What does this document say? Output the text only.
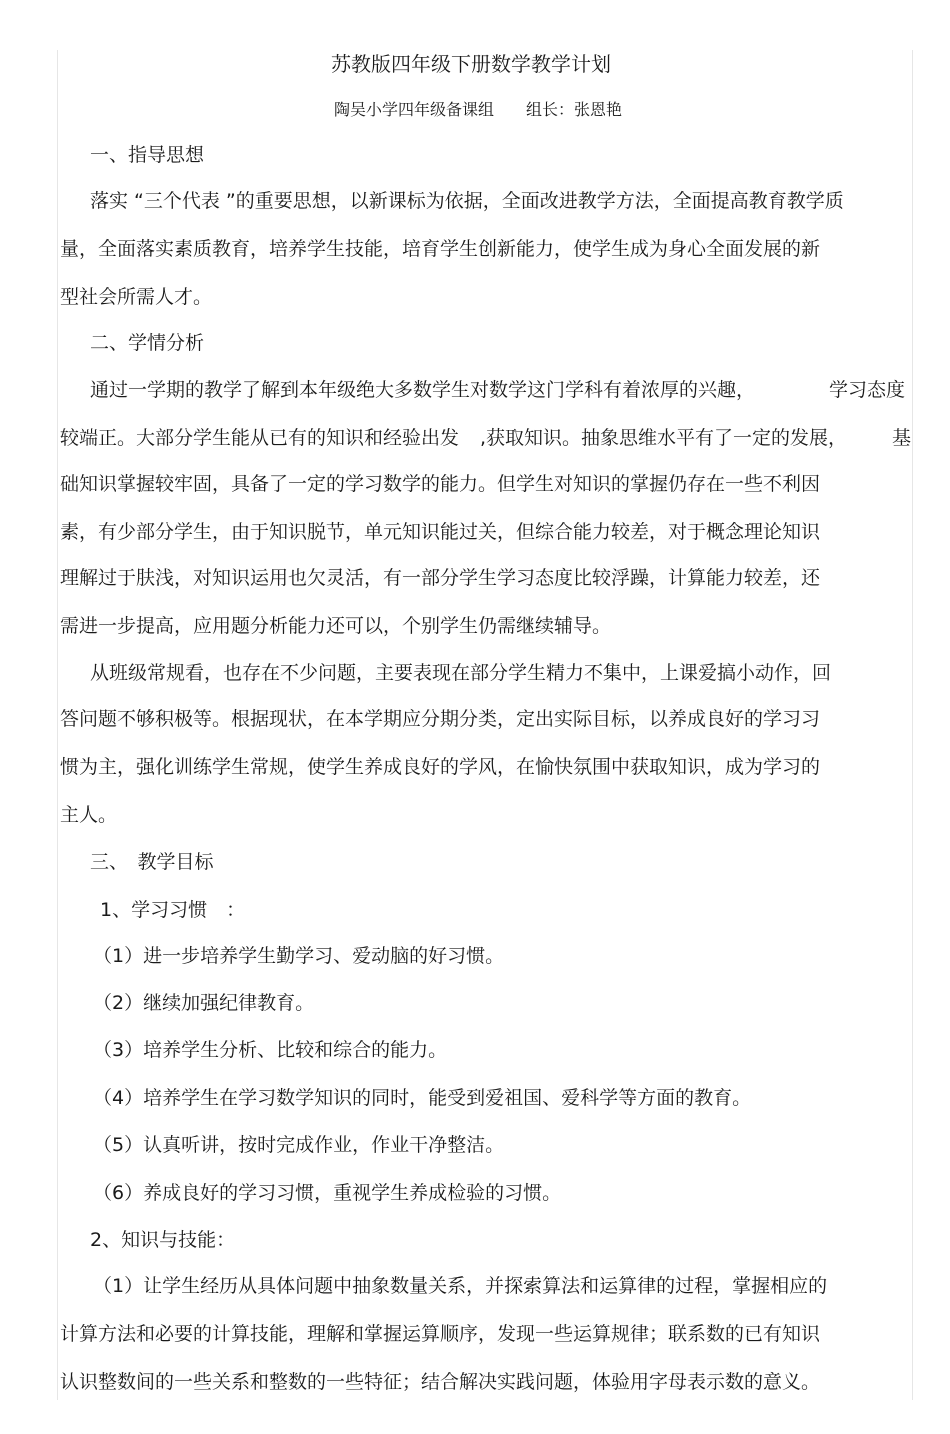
苏教版四年级下册数学教学计划
陶吴小学四年级备课组　　组长：张恩艳
一、指导思想
落实 “三个代表 ”的重要思想，以新课标为依据，全面改进教学方法，全面提高教育教学质
量，全面落实素质教育，培养学生技能，培育学生创新能力，使学生成为身心全面发展的新
型社会所需人才。
二、学情分析
通过一学期的教学了解到本年级绝大多数学生对数学这门学科有着浓厚的兴趣，	学习态度
较端正。大部分学生能从已有的知识和经验出发 ,获取知识。抽象思维水平有了一定的发展， 基
础知识掌握较牢固，具备了一定的学习数学的能力。但学生对知识的掌握仍存在一些不利因
素，有少部分学生，由于知识脱节，单元知识能过关，但综合能力较差，对于概念理论知识
理解过于肤浅，对知识运用也欠灵活，有一部分学生学习态度比较浮躁，计算能力较差，还
需进一步提高，应用题分析能力还可以，个别学生仍需继续辅导。
从班级常规看，也存在不少问题，主要表现在部分学生精力不集中，上课爱搞小动作，回
答问题不够积极等。根据现状，在本学期应分期分类，定出实际目标，以养成良好的学习习
惯为主，强化训练学生常规，使学生养成良好的学风，在愉快氛围中获取知识，成为学习的
主人。
三、　教学目标
1、学习习惯　：
（1）进一步培养学生勤学习、爱动脑的好习惯。
（2）继续加强纪律教育。
（3）培养学生分析、比较和综合的能力。
（4）培养学生在学习数学知识的同时，能受到爱祖国、爱科学等方面的教育。
（5）认真听讲，按时完成作业，作业干净整洁。
（6）养成良好的学习习惯，重视学生养成检验的习惯。
2、知识与技能：
（1）让学生经历从具体问题中抽象数量关系，并探索算法和运算律的过程，掌握相应的
计算方法和必要的计算技能，理解和掌握运算顺序，发现一些运算规律；联系数的已有知识
认识整数间的一些关系和整数的一些特征；结合解决实践问题，体验用字母表示数的意义。
